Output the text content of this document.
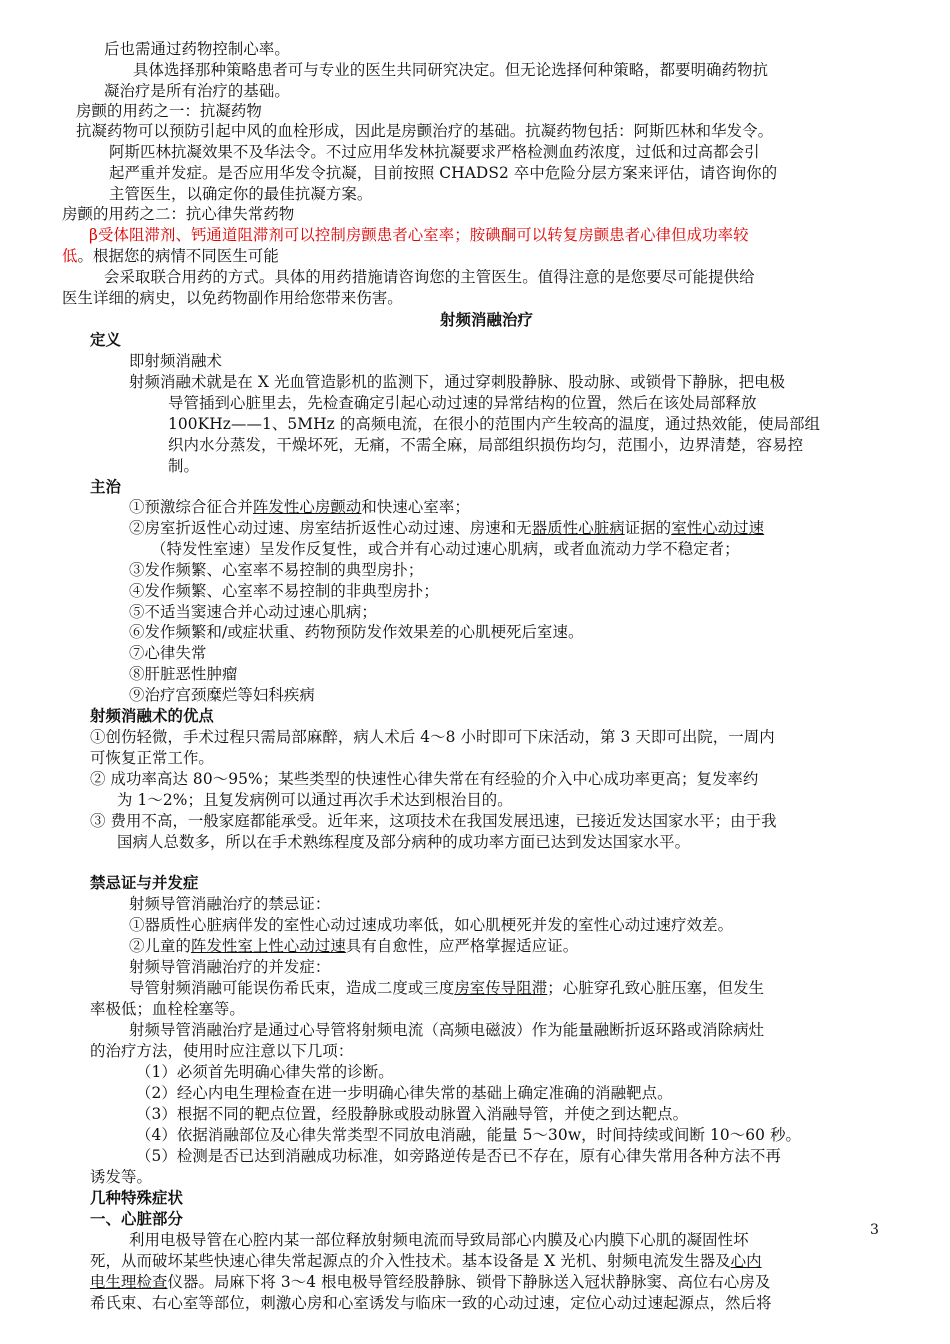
后也需通过药物控制心率。
具体选择那种策略患者可与专业的医生共同研究决定。但无论选择何种策略，都要明确药物抗
凝治疗是所有治疗的基础。
房颤的用药之一：抗凝药物
抗凝药物可以预防引起中风的血栓形成，因此是房颤治疗的基础。抗凝药物包括：阿斯匹林和华发令。
阿斯匹林抗凝效果不及华法令。不过应用华发林抗凝要求严格检测血药浓度，过低和过高都会引
起严重并发症。是否应用华发令抗凝，目前按照 CHADS2 卒中危险分层方案来评估，请咨询你的
主管医生，以确定你的最佳抗凝方案。
房颤的用药之二：抗心律失常药物
β受体阻滞剂、钙通道阻滞剂可以控制房颤患者心室率；胺碘酮可以转复房颤患者心律但成功率较
低。根据您的病情不同医生可能
会采取联合用药的方式。具体的用药措施请咨询您的主管医生。值得注意的是您要尽可能提供给
医生详细的病史，以免药物副作用给您带来伤害。
射频消融治疗
定义
即射频消融术
射频消融术就是在 X 光血管造影机的监测下，通过穿刺股静脉、股动脉、或锁骨下静脉，把电极
导管插到心脏里去，先检查确定引起心动过速的异常结构的位置，然后在该处局部释放
100KHz——1、5MHz 的高频电流，在很小的范围内产生较高的温度，通过热效能，使局部组
织内水分蒸发，干燥坏死，无痛，不需全麻，局部组织损伤均匀，范围小，边界清楚，容易控
制。
主治
①预激综合征合并阵发性心房颤动和快速心室率；
②房室折返性心动过速、房室结折返性心动过速、房速和无器质性心脏病证据的室性心动过速
（特发性室速）呈发作反复性，或合并有心动过速心肌病，或者血流动力学不稳定者；
③发作频繁、心室率不易控制的典型房扑；
④发作频繁、心室率不易控制的非典型房扑；
⑤不适当窦速合并心动过速心肌病；
⑥发作频繁和/或症状重、药物预防发作效果差的心肌梗死后室速。
⑦心律失常
⑧肝脏恶性肿瘤
⑨治疗宫颈糜烂等妇科疾病
射频消融术的优点
①创伤轻微，手术过程只需局部麻醉，病人术后 4～8 小时即可下床活动，第 3 天即可出院，一周内
可恢复正常工作。
② 成功率高达 80～95%；某些类型的快速性心律失常在有经验的介入中心成功率更高；复发率约
为 1～2%；且复发病例可以通过再次手术达到根治目的。
③ 费用不高，一般家庭都能承受。近年来，这项技术在我国发展迅速，已接近发达国家水平；由于我
国病人总数多，所以在手术熟练程度及部分病种的成功率方面已达到发达国家水平。
禁忌证与并发症
射频导管消融治疗的禁忌证：
①器质性心脏病伴发的室性心动过速成功率低，如心肌梗死并发的室性心动过速疗效差。
②儿童的阵发性室上性心动过速具有自愈性，应严格掌握适应证。
射频导管消融治疗的并发症：
导管射频消融可能误伤希氏束，造成二度或三度房室传导阻滞；心脏穿孔致心脏压塞，但发生
率极低；血栓栓塞等。
射频导管消融治疗是通过心导管将射频电流（高频电磁波）作为能量融断折返环路或消除病灶
的治疗方法，使用时应注意以下几项：
（1）必须首先明确心律失常的诊断。
（2）经心内电生理检查在进一步明确心律失常的基础上确定准确的消融靶点。
（3）根据不同的靶点位置，经股静脉或股动脉置入消融导管，并使之到达靶点。
（4）依据消融部位及心律失常类型不同放电消融，能量 5～30w，时间持续或间断 10～60 秒。
（5）检测是否已达到消融成功标准，如旁路逆传是否已不存在，原有心律失常用各种方法不再
诱发等。
几种特殊症状
一、心脏部分
利用电极导管在心腔内某一部位释放射频电流而导致局部心内膜及心内膜下心肌的凝固性坏
死，从而破坏某些快速心律失常起源点的介入性技术。基本设备是 X 光机、射频电流发生器及心内
电生理检查仪器。局麻下将 3～4 根电极导管经股静脉、锁骨下静脉送入冠状静脉窦、高位右心房及
希氏束、右心室等部位，刺激心房和心室诱发与临床一致的心动过速，定位心动过速起源点，然后将
3
